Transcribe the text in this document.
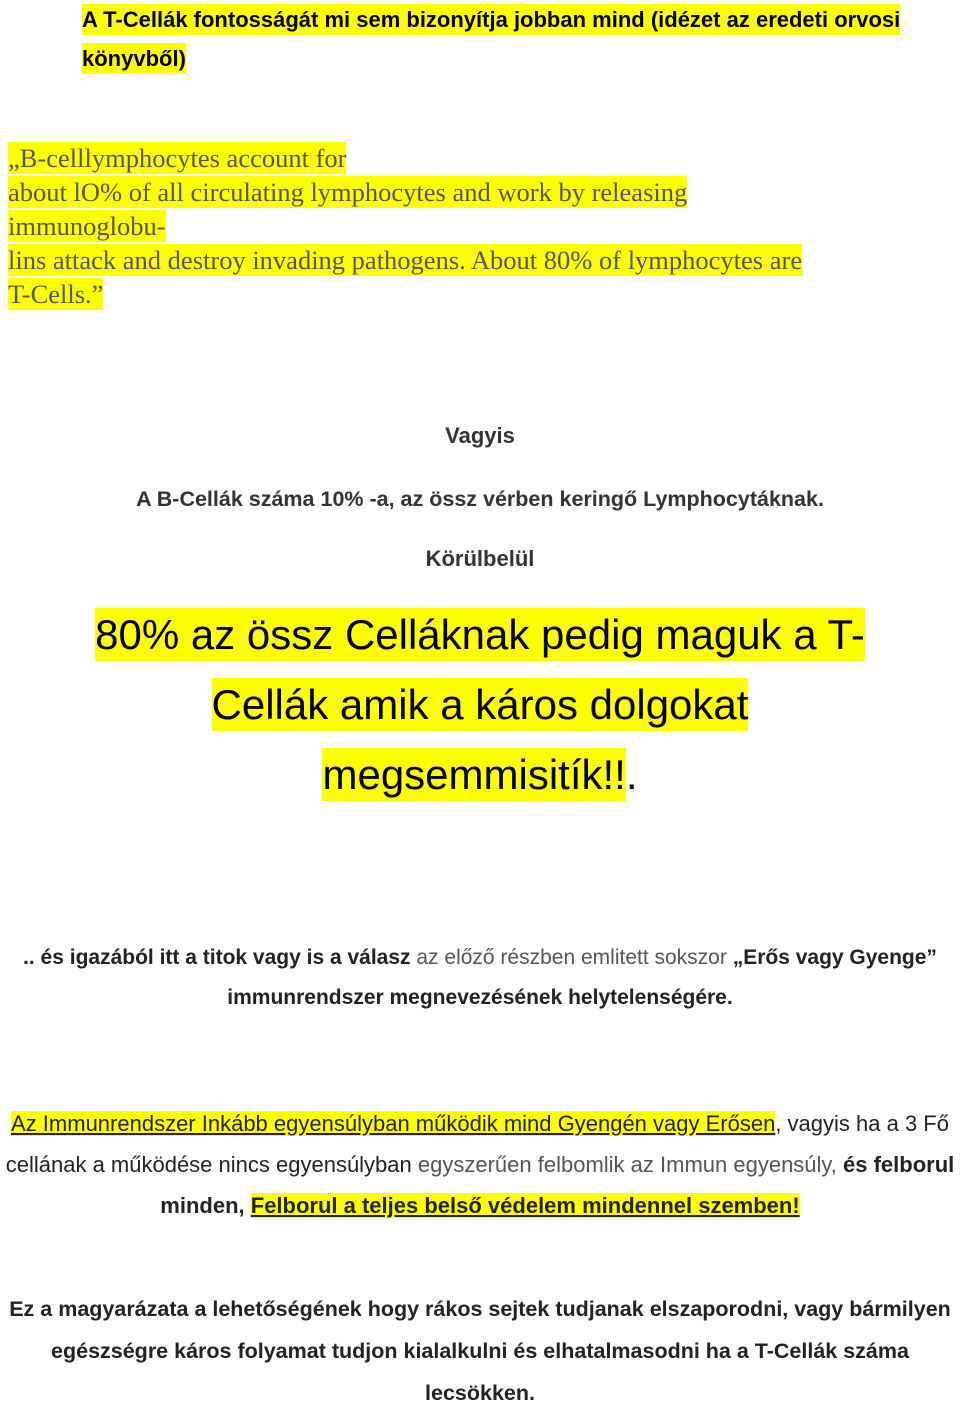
A T-Cellák fontosságát mi sem bizonyítja jobban mind (idézet az eredeti orvosi könyvből)
„B-celllymphocytes account for
about lO% of all circulating lymphocytes and work by releasing
immunoglobu-
lins attack and destroy invading pathogens. About 80% of lymphocytes are
T-Cells.”
Vagyis
A B-Cellák száma 10% -a, az össz vérben keringő Lymphocytáknak.
Körülbelül
80% az össz Celláknak pedig maguk a T-
Cellák amik a káros dolgokat
megsemmisitík!!.
.. és igazából itt a titok vagy is a válasz az előző részben emlitett sokszor „Erős vagy Gyenge” immunrendszer megnevezésének helytelenségére.
Az Immunrendszer Inkább egyensúlyban működik mind Gyengén vagy Erősen, vagyis ha a 3 Fő cellának a működése nincs egyensúlyban egyszerűen felbomlik az Immun egyensúly, és felborul minden, Felborul a teljes belső védelem mindennel szemben!
Ez a magyarázata a lehetőségének hogy rákos sejtek tudjanak elszaporodni, vagy bármilyen egészségre káros folyamat tudjon kialalkulni és elhatalmasodni ha a T-Cellák száma lecsökken.
